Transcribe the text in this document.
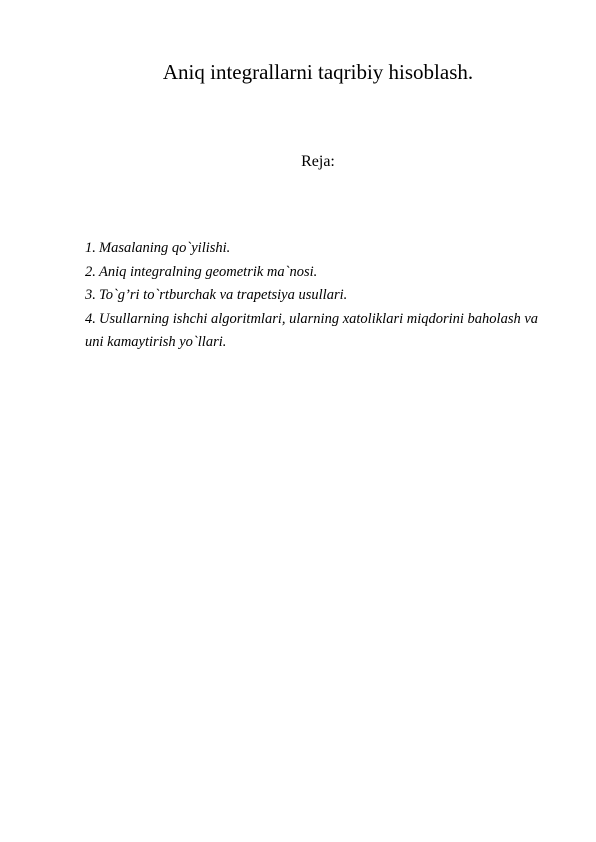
Aniq integrallarni taqribiy hisoblash.
Reja:
1. Masalaning qo`yilishi.
2. Aniq integralning geometrik ma`nosi.
3. To`g’ri to`rtburchak va trapetsiya usullari.
4. Usullarning ishchi algoritmlari, ularning xatoliklari miqdorini baholash va uni kamaytirish yo`llari.
